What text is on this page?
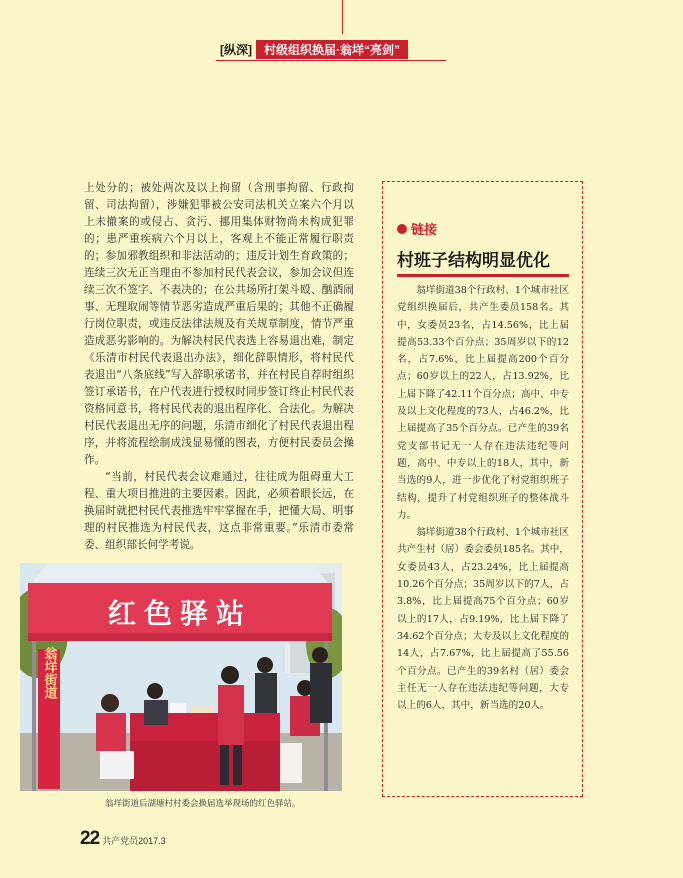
[纵深]	村级组织换届·翁垟“亮剑”

上处分的；被处两次及以上拘留（含刑事拘留、行政拘留、司法拘留），涉嫌犯罪被公安司法机关立案六个月以上未撤案的或侵占、贪污、挪用集体财物尚未构成犯罪的；患严重疾病六个月以上，客观上不能正常履行职责的；参加邪教组织和非法活动的；违反计划生育政策的；连续三次无正当理由不参加村民代表会议，参加会议但连续三次不签字、不表决的；在公共场所打架斗殴、酗酒闹事、无理取闹等情节恶劣造成严重后果的；其他不正确履行岗位职责，或违反法律法规及有关规章制度，情节严重造成恶劣影响的。为解决村民代表选上容易退出难，制定《乐清市村民代表退出办法》，细化辞职情形，将村民代表退出“八条底线”写入辞职承诺书，并在村民自荐时组织签订承诺书，在户代表进行授权时同步签订终止村民代表资格同意书，将村民代表的退出程序化、合法化。为解决村民代表退出无序的问题，乐清市细化了村民代表退出程序，并将流程绘制成浅显易懂的图表，方便村民委员会操作。

“当前，村民代表会议难通过，往往成为阻碍重大工程、重大项目推进的主要因素。因此，必须着眼长远，在换届时就把村民代表推选牢牢掌握在手，把懂大局、明事理的村民推选为村民代表，这点非常重要。”乐清市委常委、组织部长何学考说。

红色驿站
翁垟街道
翁垟街道后湖塘村村委会换届选举现场的红色驿站。
链接
村班子结构明显优化

翁垟街道38个行政村、1个城市社区党组织换届后，共产生委员158名。其中，女委员23名，占14.56%，比上届提高53.33个百分点；35周岁以下的12名，占7.6%，比上届提高200个百分点；60岁以上的22人，占13.92%，比上届下降了42.11个百分点；高中、中专及以上文化程度的73人，占46.2%，比上届提高了35个百分点。已产生的39名党支部书记无一人存在违法违纪等问题，高中、中专以上的18人，其中，新当选的9人，进一步优化了村党组织班子结构，提升了村党组织班子的整体战斗力。

翁垟街道38个行政村、1个城市社区共产生村（居）委会委员185名。其中，女委员43人，占23.24%，比上届提高10.26个百分点；35周岁以下的7人，占3.8%，比上届提高75个百分点；60岁以上的17人，占9.19%，比上届下降了34.62个百分点；大专及以上文化程度的14人，占7.67%，比上届提高了55.56个百分点。已产生的39名村（居）委会主任无一人存在违法违纪等问题，大专以上的6人，其中，新当选的20人。

22 共产党员 2017.3
